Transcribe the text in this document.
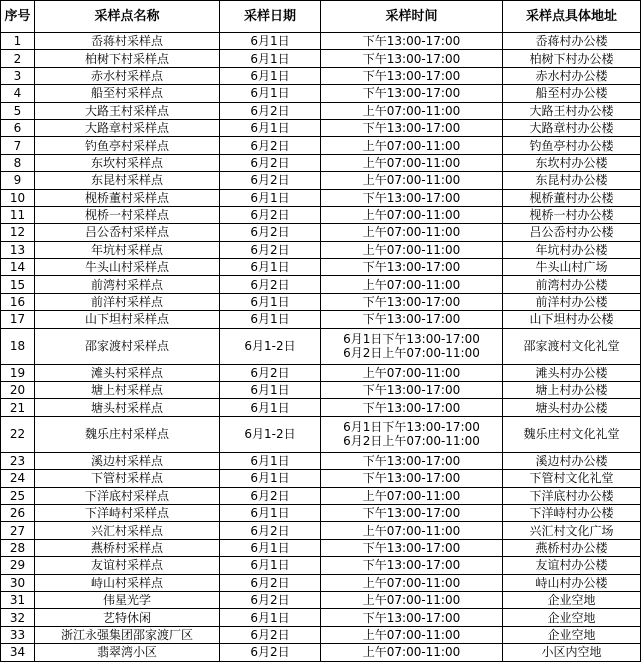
序号	采样点名称	采样日期	采样时间	采样点具体地址
1	岙蒋村采样点	6月1日	下午13:00-17:00	岙蒋村办公楼
2	柏树下村采样点	6月1日	下午13:00-17:00	柏树下村办公楼
3	赤水村采样点	6月1日	下午13:00-17:00	赤水村办公楼
4	船至村采样点	6月1日	下午13:00-17:00	船至村办公楼
5	大路王村采样点	6月2日	上午07:00-11:00	大路王村办公楼
6	大路章村采样点	6月1日	下午13:00-17:00	大路章村办公楼
7	钓鱼亭村采样点	6月2日	上午07:00-11:00	钓鱼亭村办公楼
8	东坎村采样点	6月2日	上午07:00-11:00	东坎村办公楼
9	东昆村采样点	6月2日	上午07:00-11:00	东昆村办公楼
10	枧桥董村采样点	6月1日	下午13:00-17:00	枧桥董村办公楼
11	枧桥一村采样点	6月2日	上午07:00-11:00	枧桥一村办公楼
12	吕公岙村采样点	6月2日	上午07:00-11:00	吕公岙村办公楼
13	年坑村采样点	6月2日	上午07:00-11:00	年坑村办公楼
14	牛头山村采样点	6月1日	下午13:00-17:00	牛头山村广场
15	前湾村采样点	6月2日	上午07:00-11:00	前湾村办公楼
16	前洋村采样点	6月1日	下午13:00-17:00	前洋村办公楼
17	山下坦村采样点	6月1日	下午13:00-17:00	山下坦村办公楼
18	邵家渡村采样点	6月1-2日	6月1日下午13:00-17:00
6月2日上午07:00-11:00	邵家渡村文化礼堂
19	滩头村采样点	6月2日	上午07:00-11:00	滩头村办公楼
20	塘上村采样点	6月1日	下午13:00-17:00	塘上村办公楼
21	塘头村采样点	6月1日	下午13:00-17:00	塘头村办公楼
22	魏乐庄村采样点	6月1-2日	6月1日下午13:00-17:00
6月2日上午07:00-11:00	魏乐庄村文化礼堂
23	溪边村采样点	6月1日	下午13:00-17:00	溪边村办公楼
24	下管村采样点	6月1日	下午13:00-17:00	下管村文化礼堂
25	下洋底村采样点	6月2日	上午07:00-11:00	下洋底村办公楼
26	下洋峙村采样点	6月1日	下午13:00-17:00	下洋峙村办公楼
27	兴汇村采样点	6月2日	上午07:00-11:00	兴汇村文化广场
28	燕桥村采样点	6月1日	下午13:00-17:00	燕桥村办公楼
29	友谊村采样点	6月1日	下午13:00-17:00	友谊村办公楼
30	峙山村采样点	6月2日	上午07:00-11:00	峙山村办公楼
31	伟星光学	6月2日	上午07:00-11:00	企业空地
32	艺特休闲	6月1日	下午13:00-17:00	企业空地
33	浙江永强集团邵家渡厂区	6月2日	上午07:00-11:00	企业空地
34	翡翠湾小区	6月2日	上午07:00-11:00	小区内空地
